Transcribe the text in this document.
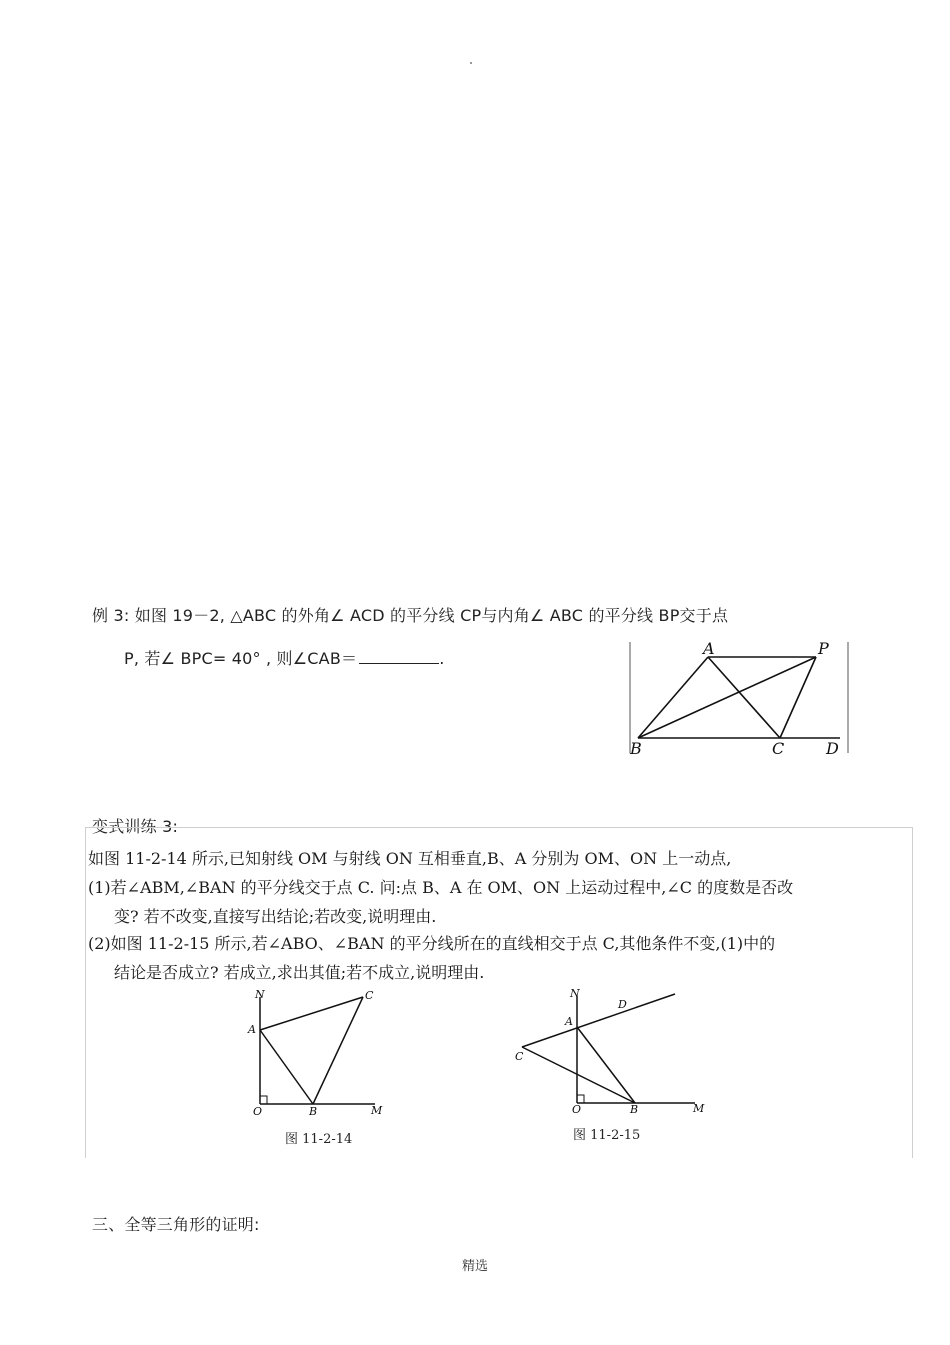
例 3: 如图 19－2, △ABC 的外角∠ ACD 的平分线 CP与内角∠ ABC 的平分线 BP交于点
P, 若∠ BPC= 40° , 则∠CAB＝	.
A	P
B	C	D
变式训练 3:
如图 11-2-14 所示,已知射线 OM 与射线 ON 互相垂直,B、A 分别为 OM、ON 上一动点,
(1)若∠ABM,∠BAN 的平分线交于点 C. 问:点 B、A 在 OM、ON 上运动过程中,∠C 的度数是否改
变? 若不改变,直接写出结论;若改变,说明理由.
(2)如图 11-2-15 所示,若∠ABO、∠BAN 的平分线所在的直线相交于点 C,其他条件不变,(1)中的
结论是否成立? 若成立,求出其值;若不成立,说明理由.
N	C
A
O	B	M
图 11-2-14
N
D
A
C
O	B	M
图 11-2-15
三、全等三角形的证明:
精选
